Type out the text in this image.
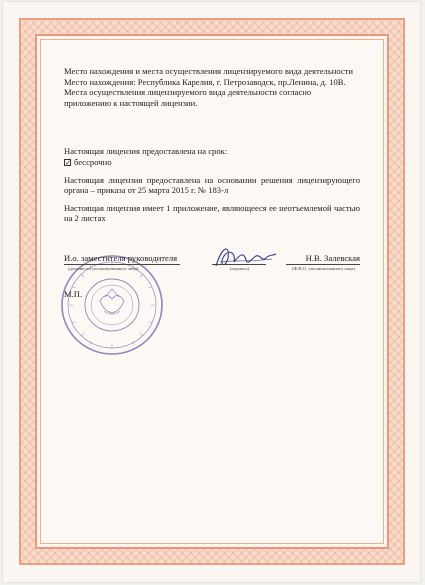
Место нахождения и места осуществления лицензируемого вида деятельности

Место нахождения: Республика Карелия, г. Петрозаводск, пр.Ленина, д. 10В.

Места осуществления лицензируемого вида деятельности согласно приложению к настоящей лицензии.

Настоящая лицензия предоставлена на срок:

✓ бессрочно

Настоящая лицензия предоставлена на основании решения лицензирующего органа – приказа от 25 марта 2015 г. № 183-л

Настоящая лицензия имеет 1 приложение, являющееся ее неотъемлемой частью на 2 листах

И.о. заместителя руководителя	Н.В. Залевская
(должность уполномоченного лица)	(подпись)	(Ф.И.О. уполномоченного лица)
М.П.
